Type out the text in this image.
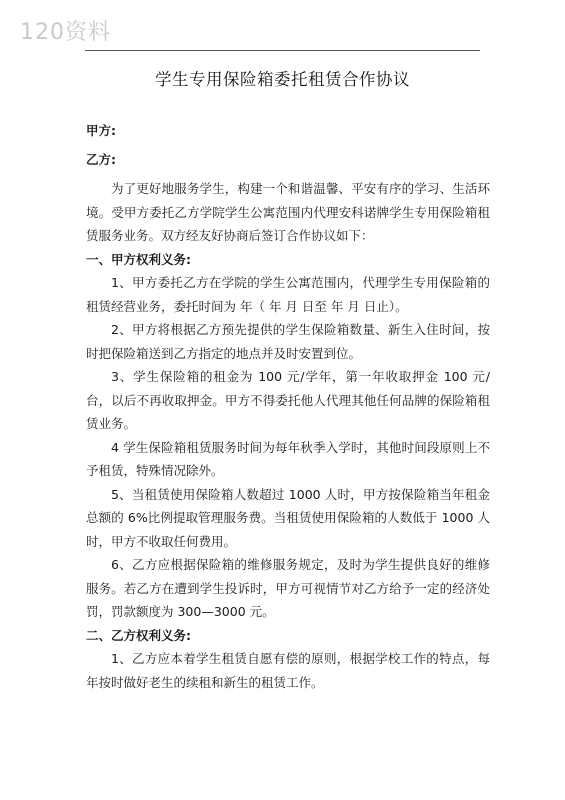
120资料
学生专用保险箱委托租赁合作协议

甲方:

乙方:

为了更好地服务学生，构建一个和谐温馨、平安有序的学习、生活环境。受甲方委托乙方学院学生公寓范围内代理安科诺牌学生专用保险箱租赁服务业务。双方经友好协商后签订合作协议如下：

一、甲方权利义务:

1、甲方委托乙方在学院的学生公寓范围内，代理学生专用保险箱的租赁经营业务，委托时间为 年（ 年 月 日至 年 月 日止）。

2、甲方将根据乙方预先提供的学生保险箱数量、新生入住时间，按时把保险箱送到乙方指定的地点并及时安置到位。

3、学生保险箱的租金为 100 元/学年，第一年收取押金 100 元/台，以后不再收取押金。甲方不得委托他人代理其他任何品牌的保险箱租赁业务。

4 学生保险箱租赁服务时间为每年秋季入学时，其他时间段原则上不予租赁，特殊情况除外。

5、当租赁使用保险箱人数超过 1000 人时，甲方按保险箱当年租金总额的 6%比例提取管理服务费。当租赁使用保险箱的人数低于 1000 人时，甲方不收取任何费用。

6、乙方应根据保险箱的维修服务规定，及时为学生提供良好的维修服务。若乙方在遭到学生投诉时，甲方可视情节对乙方给予一定的经济处罚，罚款额度为 300—3000 元。

二、乙方权利义务:

1、乙方应本着学生租赁自愿有偿的原则，根据学校工作的特点，每年按时做好老生的续租和新生的租赁工作。
